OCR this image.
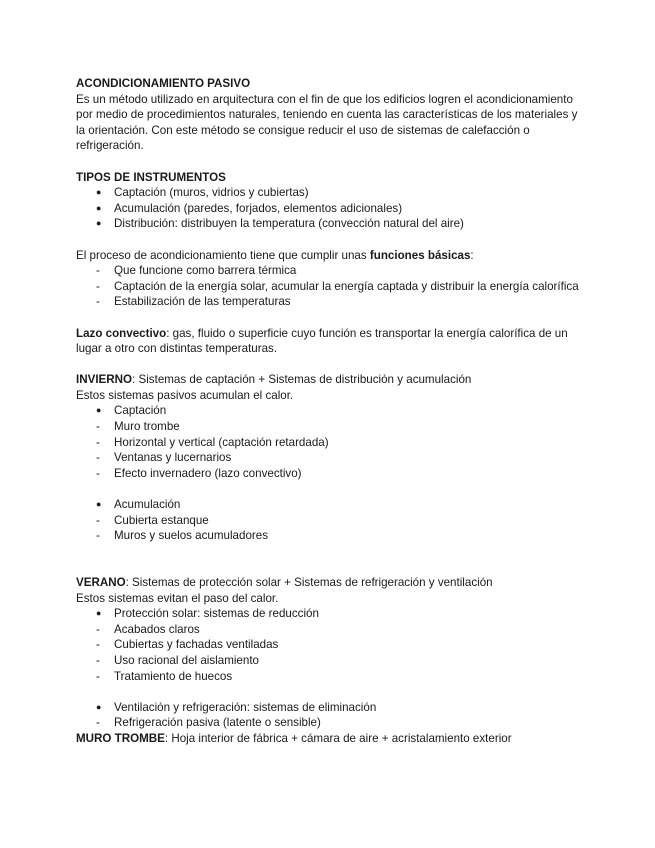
ACONDICIONAMIENTO PASIVO

Es un método utilizado en arquitectura con el fin de que los edificios logren el acondicionamiento por medio de procedimientos naturales, teniendo en cuenta las características de los materiales y la orientación. Con este método se consigue reducir el uso de sistemas de calefacción o refrigeración.

TIPOS DE INSTRUMENTOS

●	Captación (muros, vidrios y cubiertas)
●	Acumulación (paredes, forjados, elementos adicionales)
●	Distribución: distribuyen la temperatura (convección natural del aire)

El proceso de acondicionamiento tiene que cumplir unas funciones básicas:

-	Que funcione como barrera térmica
-	Captación de la energía solar, acumular la energía captada y distribuir la energía calorífica
-	Estabilización de las temperaturas

Lazo convectivo: gas, fluido o superficie cuyo función es transportar la energía calorífica de un lugar a otro con distintas temperaturas.

INVIERNO: Sistemas de captación + Sistemas de distribución y acumulación

Estos sistemas pasivos acumulan el calor.

●	Captación
-	Muro trombe
-	Horizontal y vertical (captación retardada)
-	Ventanas y lucernarios
-	Efecto invernadero (lazo convectivo)
●	Acumulación
-	Cubierta estanque
-	Muros y suelos acumuladores

VERANO: Sistemas de protección solar + Sistemas de refrigeración y ventilación

Estos sistemas evitan el paso del calor.

●	Protección solar: sistemas de reducción
-	Acabados claros
-	Cubiertas y fachadas ventiladas
-	Uso racional del aislamiento
-	Tratamiento de huecos
●	Ventilación y refrigeración: sistemas de eliminación
-	Refrigeración pasiva (latente o sensible)

MURO TROMBE: Hoja interior de fábrica + cámara de aire + acristalamiento exterior
